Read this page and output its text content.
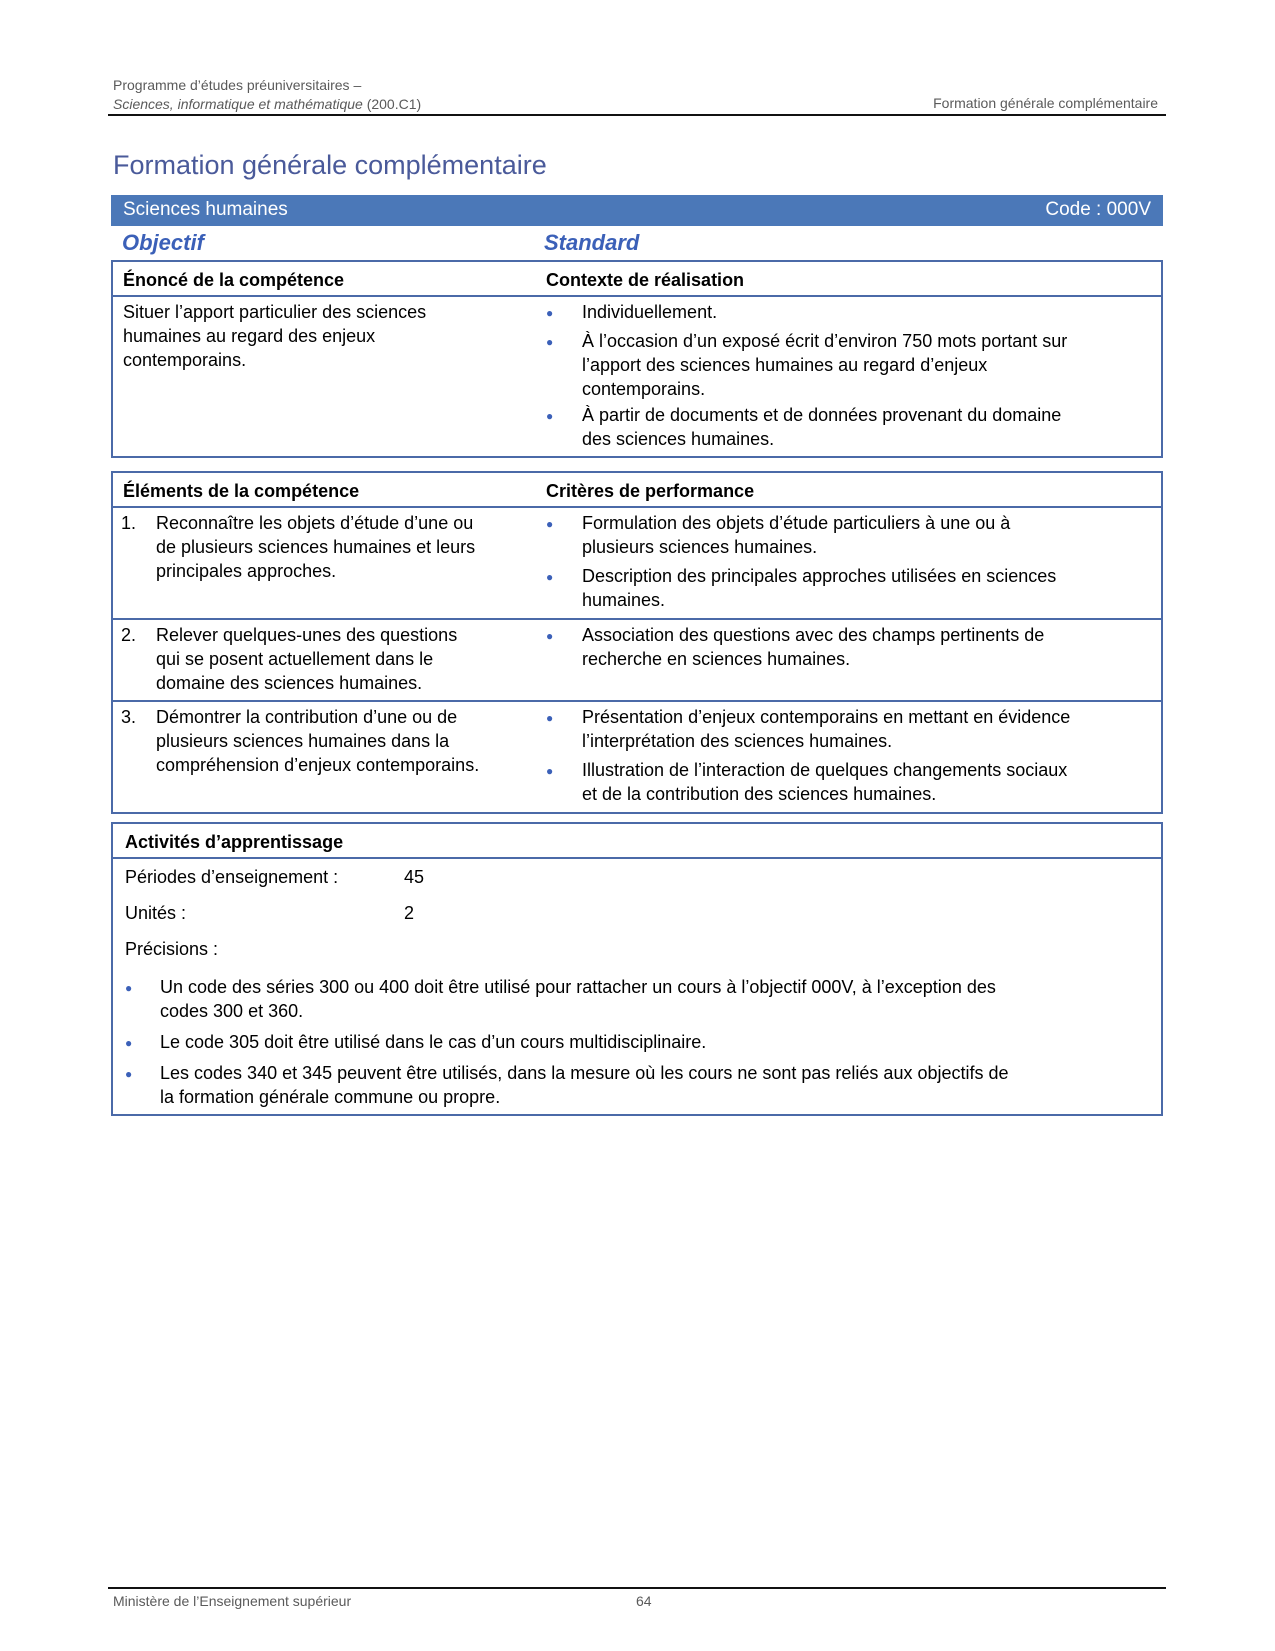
Programme d’études préuniversitaires –
Sciences, informatique et mathématique (200.C1)	Formation générale complémentaire
Formation générale complémentaire
Sciences humaines	Code : 000V
Objectif	Standard
Énoncé de la compétence	Contexte de réalisation
Situer l’apport particulier des sciences
humaines au regard des enjeux
contemporains.
● Individuellement.
● À l’occasion d’un exposé écrit d’environ 750 mots portant sur
l’apport des sciences humaines au regard d’enjeux
contemporains.
● À partir de documents et de données provenant du domaine
des sciences humaines.
Éléments de la compétence	Critères de performance
1. Reconnaître les objets d’étude d’une ou
de plusieurs sciences humaines et leurs
principales approches.
● Formulation des objets d’étude particuliers à une ou à
plusieurs sciences humaines.
● Description des principales approches utilisées en sciences
humaines.
2. Relever quelques-unes des questions
qui se posent actuellement dans le
domaine des sciences humaines.
● Association des questions avec des champs pertinents de
recherche en sciences humaines.
3. Démontrer la contribution d’une ou de
plusieurs sciences humaines dans la
compréhension d’enjeux contemporains.
● Présentation d’enjeux contemporains en mettant en évidence
l’interprétation des sciences humaines.
● Illustration de l’interaction de quelques changements sociaux
et de la contribution des sciences humaines.
Activités d’apprentissage
Périodes d’enseignement :	45
Unités :	2
Précisions :
● Un code des séries 300 ou 400 doit être utilisé pour rattacher un cours à l’objectif 000V, à l’exception des
codes 300 et 360.
● Le code 305 doit être utilisé dans le cas d’un cours multidisciplinaire.
● Les codes 340 et 345 peuvent être utilisés, dans la mesure où les cours ne sont pas reliés aux objectifs de
la formation générale commune ou propre.
Ministère de l’Enseignement supérieur	64
